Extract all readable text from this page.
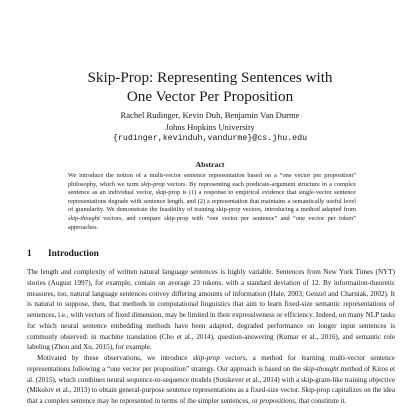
Skip-Prop: Representing Sentences with
One Vector Per Proposition
Rachel Rudinger, Kevin Duh, Benjamin Van Durme
Johns Hopkins University
{rudinger,kevinduh,vandurme}@cs.jhu.edu
Abstract

We introduce the notion of a multi-vector sentence representation based on a “one vector per proposition” philosophy, which we term skip-prop vectors. By representing each predicate-argument structure in a complex sentence as an individual vector, skip-prop is (1) a response to empirical evidence that single-vector sentence representations degrade with sentence length, and (2) a representation that maintains a semantically useful level of granularity. We demonstrate the feasibility of training skip-prop vectors, introducing a method adapted from skip-thought vectors, and compare skip-prop with “one vector per sentence” and “one vector per token” approaches.

1 Introduction

The length and complexity of written natural language sentences is highly variable. Sentences from New York Times (NYT) stories (August 1997), for example, contain on average 23 tokens, with a standard deviation of 12. By information-theoretic measures, too, natural language sentences convey differing amounts of information (Hale, 2003; Genzel and Charniak, 2002). It is natural to suppose, then, that methods in computational linguistics that aim to learn fixed-size semantic representations of sentences, i.e., with vectors of fixed dimension, may be limited in their expressiveness or efficiency. Indeed, on many NLP tasks for which neural sentence embedding methods have been adapted, degraded performance on longer input sentences is commonly observed: in machine translation (Cho et al., 2014), question-answering (Kumar et al., 2016), and semantic role labeling (Zhou and Xu, 2015), for example.

Motivated by these observations, we introduce skip-prop vectors, a method for learning multi-vector sentence representations following a “one vector per proposition” strategy. Our approach is based on the skip-thought method of Kiros et al. (2015), which combines neural sequence-to-sequence models (Sutskever et al., 2014) with a skip-gram-like training objective (Mikolov et al., 2013) to obtain general-purpose sentence representations as a fixed-size vector. Skip-prop capitalizes on the idea that a complex sentence may be represented in terms of the simpler sentences, or propositions, that constitute it.
